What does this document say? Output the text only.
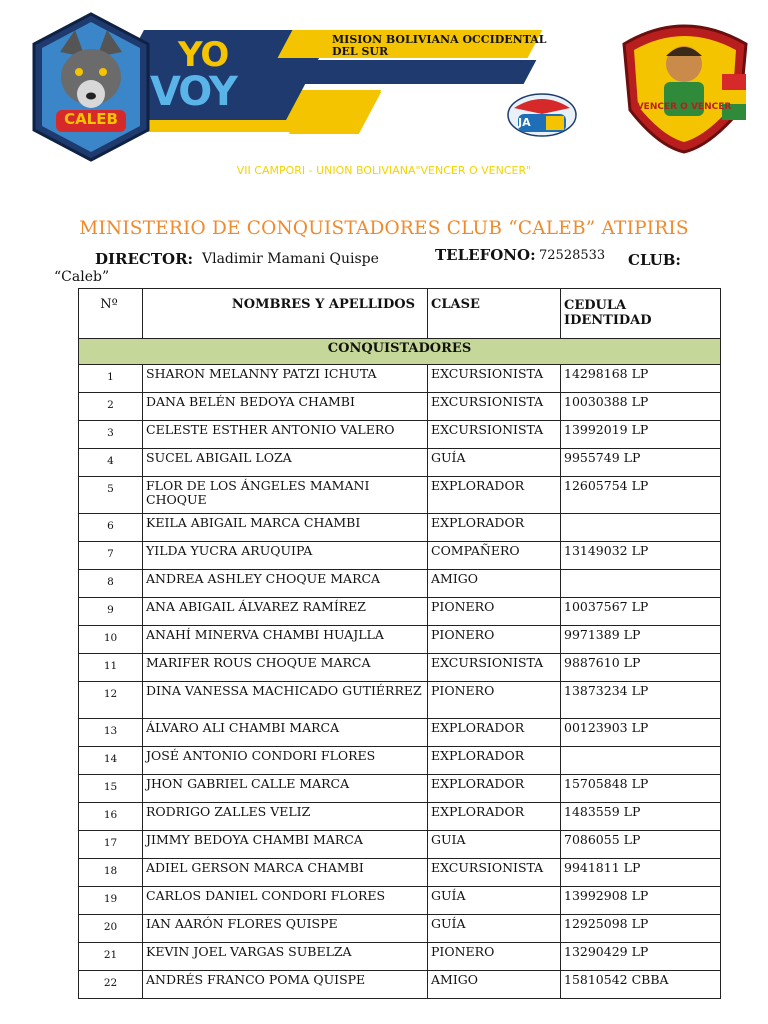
CALEB
YO
VOY
MISION BOLIVIANA OCCIDENTAL DEL SUR
JA
VENCER O VENCER
VII CAMPORI - UNION BOLIVIANA"VENCER O VENCER"
MINISTERIO DE CONQUISTADORES CLUB “CALEB” ATIPIRIS
DIRECTOR: Vladimir Mamani Quispe	TELEFONO: 72528533 CLUB:
“Caleb”
Nº	NOMBRES Y APELLIDOS	CLASE	CEDULA IDENTIDAD
CONQUISTADORES			
1	SHARON MELANNY PATZI ICHUTA	EXCURSIONISTA	14298168 LP
2	DANA BELÉN BEDOYA CHAMBI	EXCURSIONISTA	10030388 LP
3	CELESTE ESTHER ANTONIO VALERO	EXCURSIONISTA	13992019 LP
4	SUCEL ABIGAIL LOZA	GUÍA	9955749 LP
5	FLOR DE LOS ÁNGELES MAMANI CHOQUE	EXPLORADOR	12605754 LP
6	KEILA ABIGAIL MARCA CHAMBI	EXPLORADOR	
7	YILDA YUCRA ARUQUIPA	COMPAÑERO	13149032 LP
8	ANDREA ASHLEY CHOQUE MARCA	AMIGO	
9	ANA ABIGAIL ÁLVAREZ RAMÍREZ	PIONERO	10037567 LP
10	ANAHÍ MINERVA CHAMBI HUAJLLA	PIONERO	9971389 LP
11	MARIFER ROUS CHOQUE MARCA	EXCURSIONISTA	9887610 LP
12	DINA VANESSA MACHICADO GUTIÉRREZ	PIONERO	13873234 LP
13	ÁLVARO ALI CHAMBI MARCA	EXPLORADOR	00123903 LP
14	JOSÉ ANTONIO CONDORI FLORES	EXPLORADOR	
15	JHON GABRIEL CALLE MARCA	EXPLORADOR	15705848 LP
16	RODRIGO ZALLES VELIZ	EXPLORADOR	1483559 LP
17	JIMMY BEDOYA CHAMBI MARCA	GUIA	7086055 LP
18	ADIEL GERSON MARCA CHAMBI	EXCURSIONISTA	9941811 LP
19	CARLOS DANIEL CONDORI FLORES	GUÍA	13992908 LP
20	IAN AARÓN FLORES QUISPE	GUÍA	12925098 LP
21	KEVIN JOEL VARGAS SUBELZA	PIONERO	13290429 LP
22	ANDRÉS FRANCO POMA QUISPE	AMIGO	15810542 CBBA
